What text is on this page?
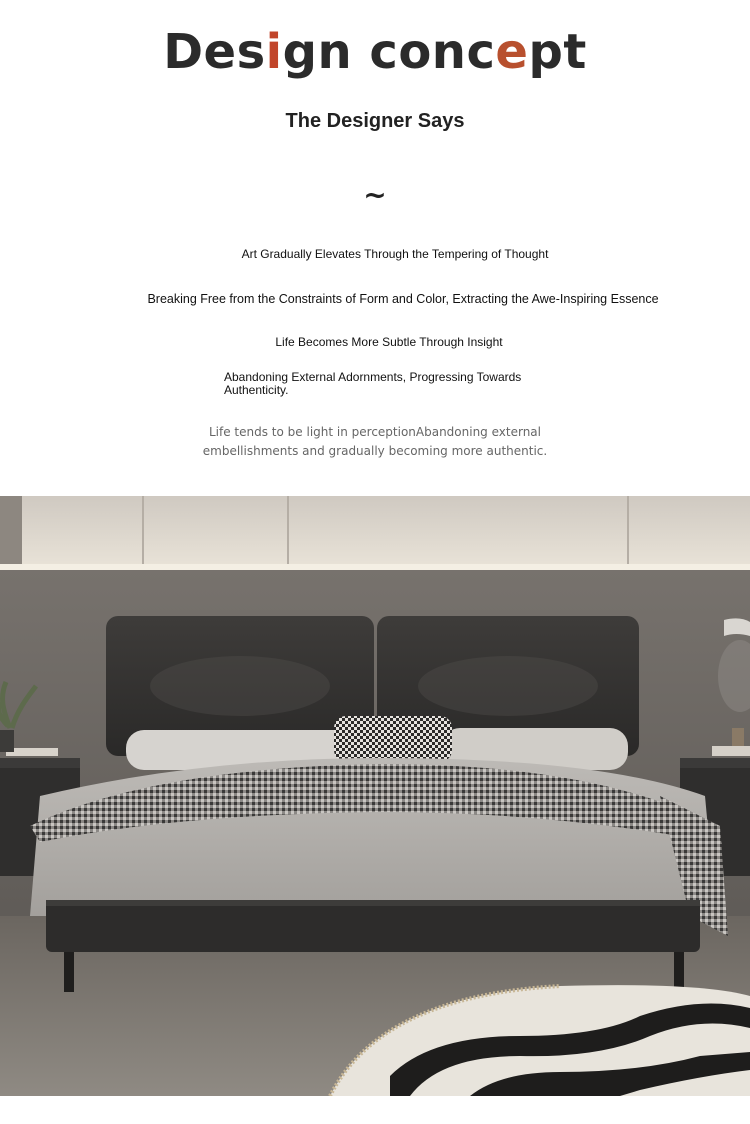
Design concept
The Designer Says
~
Art Gradually Elevates Through the Tempering of Thought
Breaking Free from the Constraints of Form and Color, Extracting the Awe-Inspiring Essence
Life Becomes More Subtle Through Insight
Abandoning External Adornments, Progressing Towards Authenticity.
Life tends to be light in perceptionAbandoning external
embellishments and gradually becoming more authentic.
